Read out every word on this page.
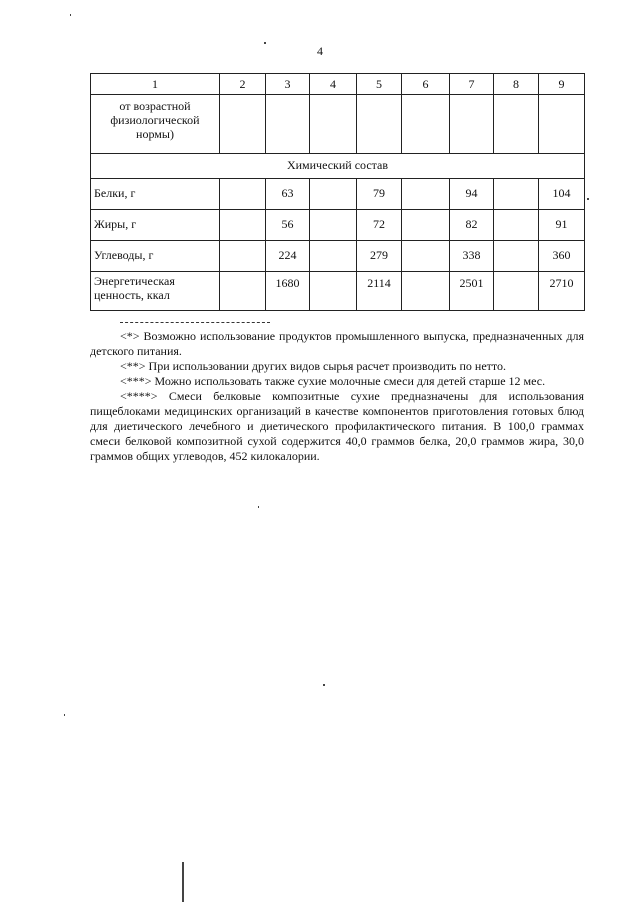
4
1	2	3	4	5	6	7	8	9
от возрастной физиологической нормы)								
Химический состав								
Белки, г		63		79		94		104
Жиры, г		56		72		82		91
Углеводы, г		224		279		338		360
Энергетическая ценность, ккал		1680		2114		2501		2710
<*> Возможно использование продуктов промышленного выпуска, предназначенных для детского питания.
<**> При использовании других видов сырья расчет производить по нетто.
<***> Можно использовать также сухие молочные смеси для детей старше 12 мес.
<****> Смеси белковые композитные сухие предназначены для использования пищеблоками медицинских организаций в качестве компонентов приготовления готовых блюд для диетического лечебного и диетического профилактического питания. В 100,0 граммах смеси белковой композитной сухой содержится 40,0 граммов белка, 20,0 граммов жира, 30,0 граммов общих углеводов, 452 килокалории.
